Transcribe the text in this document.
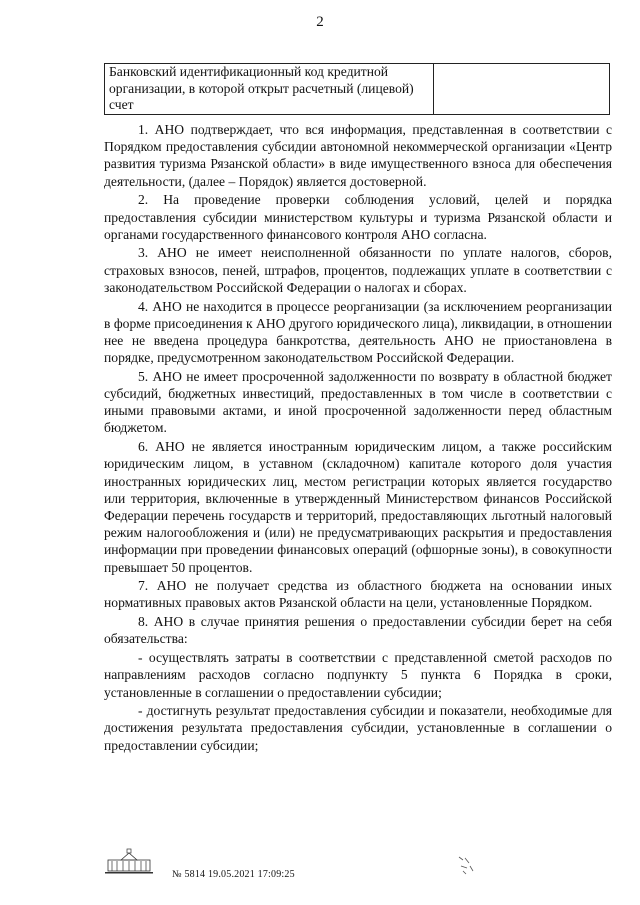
2
Банковский идентификационный код кредитной организации, в которой открыт расчетный (лицевой) счет	

1. АНО подтверждает, что вся информация, представленная в соответствии с Порядком предоставления субсидии автономной некоммерческой организации «Центр развития туризма Рязанской области» в виде имущественного взноса для обеспечения деятельности, (далее – Порядок) является достоверной.

2. На проведение проверки соблюдения условий, целей и порядка предоставления субсидии министерством культуры и туризма Рязанской области и органами государственного финансового контроля АНО согласна.

3. АНО не имеет неисполненной обязанности по уплате налогов, сборов, страховых взносов, пеней, штрафов, процентов, подлежащих уплате в соответствии с законодательством Российской Федерации о налогах и сборах.

4. АНО не находится в процессе реорганизации (за исключением реорганизации в форме присоединения к АНО другого юридического лица), ликвидации, в отношении нее не введена процедура банкротства, деятельность АНО не приостановлена в порядке, предусмотренном законодательством Российской Федерации.

5. АНО не имеет просроченной задолженности по возврату в областной бюджет субсидий, бюджетных инвестиций, предоставленных в том числе в соответствии с иными правовыми актами, и иной просроченной задолженности перед областным бюджетом.

6. АНО не является иностранным юридическим лицом, а также российским юридическим лицом, в уставном (складочном) капитале которого доля участия иностранных юридических лиц, местом регистрации которых является государство или территория, включенные в утвержденный Министерством финансов Российской Федерации перечень государств и территорий, предоставляющих льготный налоговый режим налогообложения и (или) не предусматривающих раскрытия и предоставления информации при проведении финансовых операций (офшорные зоны), в совокупности превышает 50 процентов.

7. АНО не получает средства из областного бюджета на основании иных нормативных правовых актов Рязанской области на цели, установленные Порядком.

8. АНО в случае принятия решения о предоставлении субсидии берет на себя обязательства:

- осуществлять затраты в соответствии с представленной сметой расходов по направлениям расходов согласно подпункту 5 пункта 6 Порядка в сроки, установленные в соглашении о предоставлении субсидии;

- достигнуть результат предоставления субсидии и показатели, необходимые для достижения результата предоставления субсидии, установленные в соглашении о предоставлении субсидии;

№ 5814 19.05.2021 17:09:25
